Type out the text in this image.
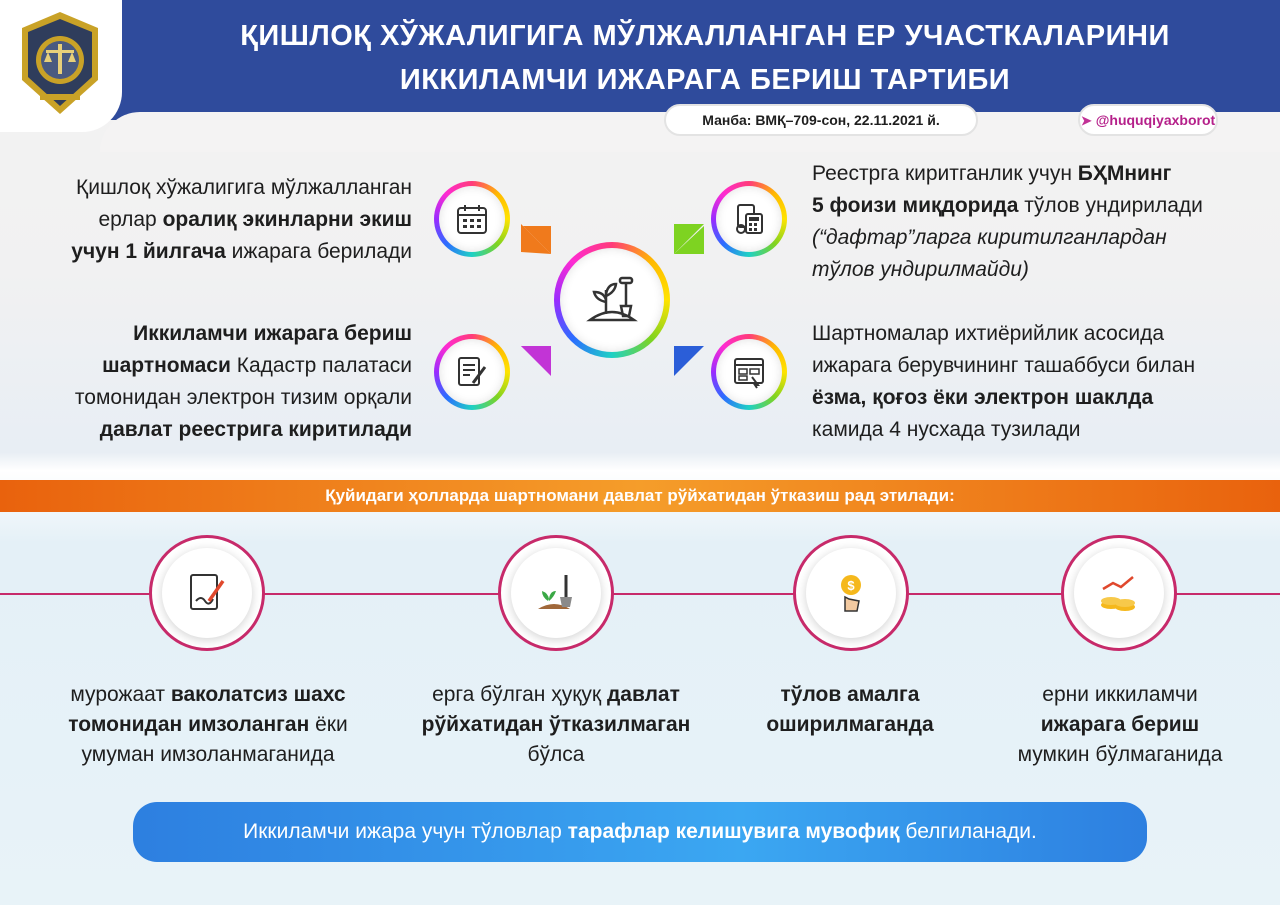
ҚИШЛОҚ ХЎЖАЛИГИГА МЎЛЖАЛЛАНГАН ЕР УЧАСТКАЛАРИНИ
ИККИЛАМЧИ ИЖАРАГА БЕРИШ ТАРТИБИ
Манба: ВМҚ–709-сон, 22.11.2021 й.	➤ @huquqiyaxborot
Қишлоқ хўжалигига мўлжалланган
ерлар оралиқ экинларни экиш
учун 1 йилгача ижарага берилади
Иккиламчи ижарага бериш
шартномаси Кадастр палатаси
томонидан электрон тизим орқали
давлат реестрига киритилади
Реестрга киритганлик учун БҲМнинг
5 фоизи миқдорида тўлов ундирилади
(“дафтар”ларга киритилганлардан
тўлов ундирилмайди)
Шартномалар ихтиёрийлик асосида
ижарага берувчининг ташаббуси билан
ёзма, қоғоз ёки электрон шаклда
камида 4 нусхада тузилади
Қуйидаги ҳолларда шартномани давлат рўйхатидан ўтказиш рад этилади:
$
мурожаат ваколатсиз шахс
томонидан имзоланган ёки
умуман имзоланмаганида
ерга бўлган ҳуқуқ давлат
рўйхатидан ўтказилмаган
бўлса
тўлов амалга
оширилмаганда
ерни иккиламчи
ижарага бериш
мумкин бўлмаганида
Иккиламчи ижара учун тўловлар тарафлар келишувига мувофиқ белгиланади.
